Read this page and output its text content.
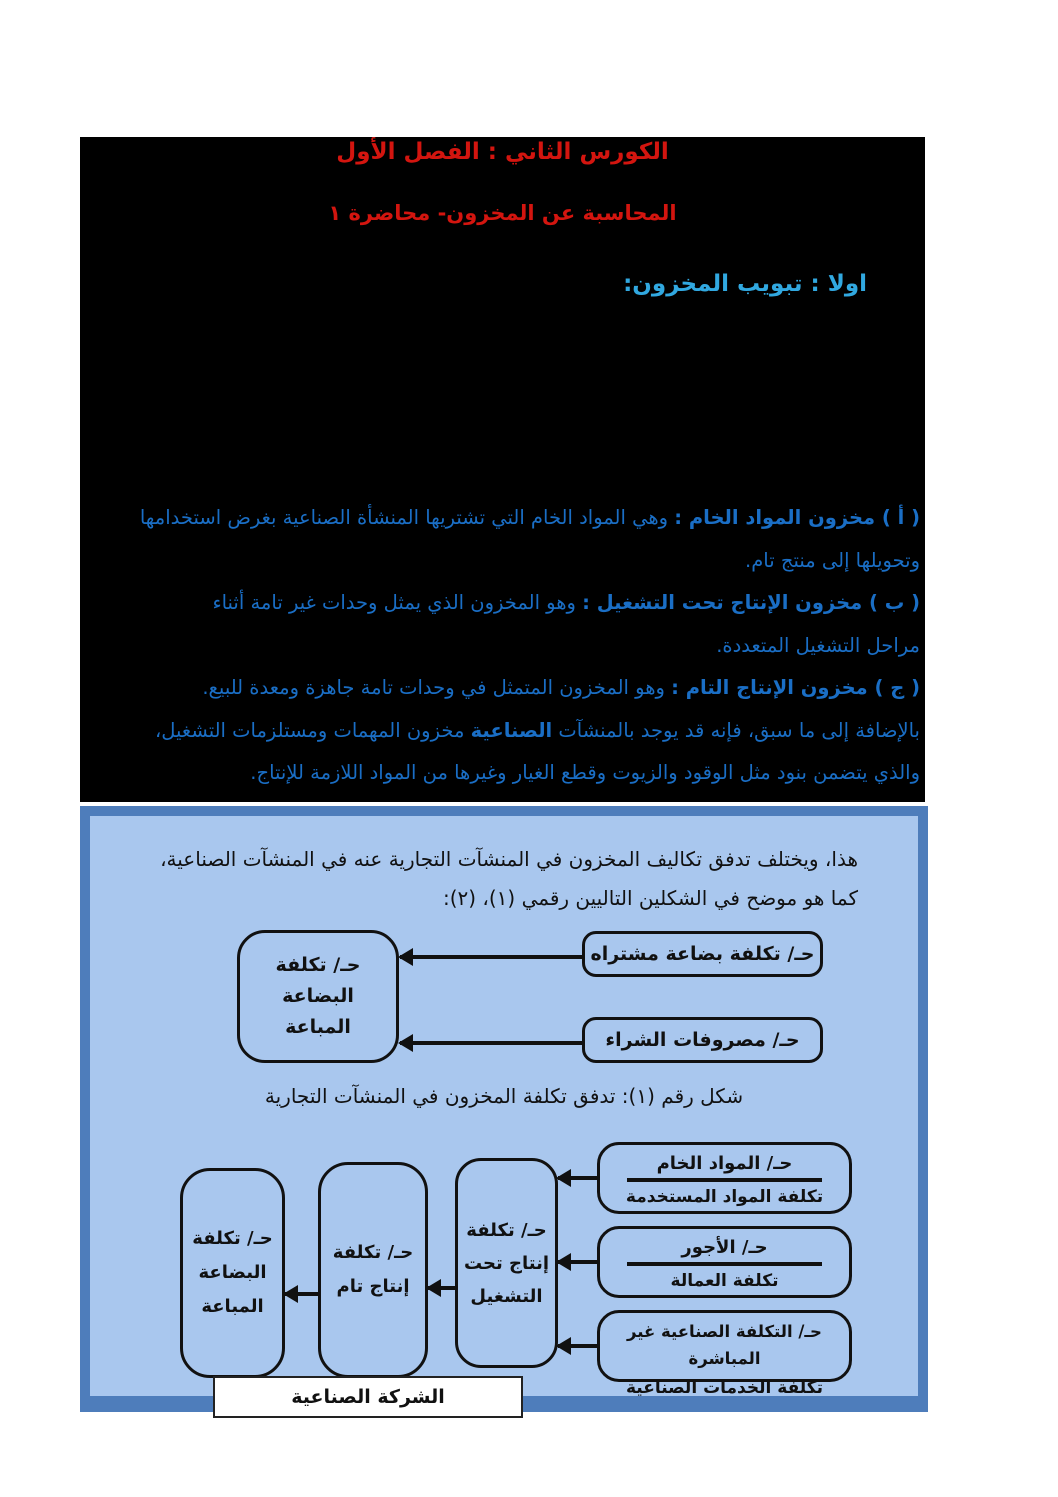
الكورس الثاني : الفصل الأول
المحاسبة عن المخزون- محاضرة ١
اولا : تبويب المخزون:
( أ ) مخزون المواد الخام : وهي المواد الخام التي تشتريها المنشأة الصناعية بغرض استخدامها
وتحويلها إلى منتج تام.
( ب ) مخزون الإنتاج تحت التشغيل : وهو المخزون الذي يمثل وحدات غير تامة أثناء
مراحل التشغيل المتعددة.
( ج ) مخزون الإنتاج التام : وهو المخزون المتمثل في وحدات تامة جاهزة ومعدة للبيع.
بالإضافة إلى ما سبق، فإنه قد يوجد بالمنشآت الصناعية مخزون المهمات ومستلزمات التشغيل،
والذي يتضمن بنود مثل الوقود والزيوت وقطع الغيار وغيرها من المواد اللازمة للإنتاج.
هذا، ويختلف تدفق تكاليف المخزون في المنشآت التجارية عنه في المنشآت الصناعية،
كما هو موضح في الشكلين التاليين رقمي (١)، (٢):
حـ/ تكلفة البضاعة
المباعة
حـ/ تكلفة بضاعة مشتراه
حـ/ مصروفات الشراء
شكل رقم (١): تدفق تكلفة المخزون في المنشآت التجارية
حـ/ تكلفة
البضاعة
المباعة
حـ/ تكلفة
إنتاج تام
حـ/ تكلفة
إنتاج تحت
التشغيل
حـ/ المواد الخام
تكلفة المواد المستخدمة
حـ/ الأجور
تكلفة العمالة
حـ/ التكلفة الصناعية غير المباشرة
تكلفة الخدمات الصناعية
الشركة الصناعية
